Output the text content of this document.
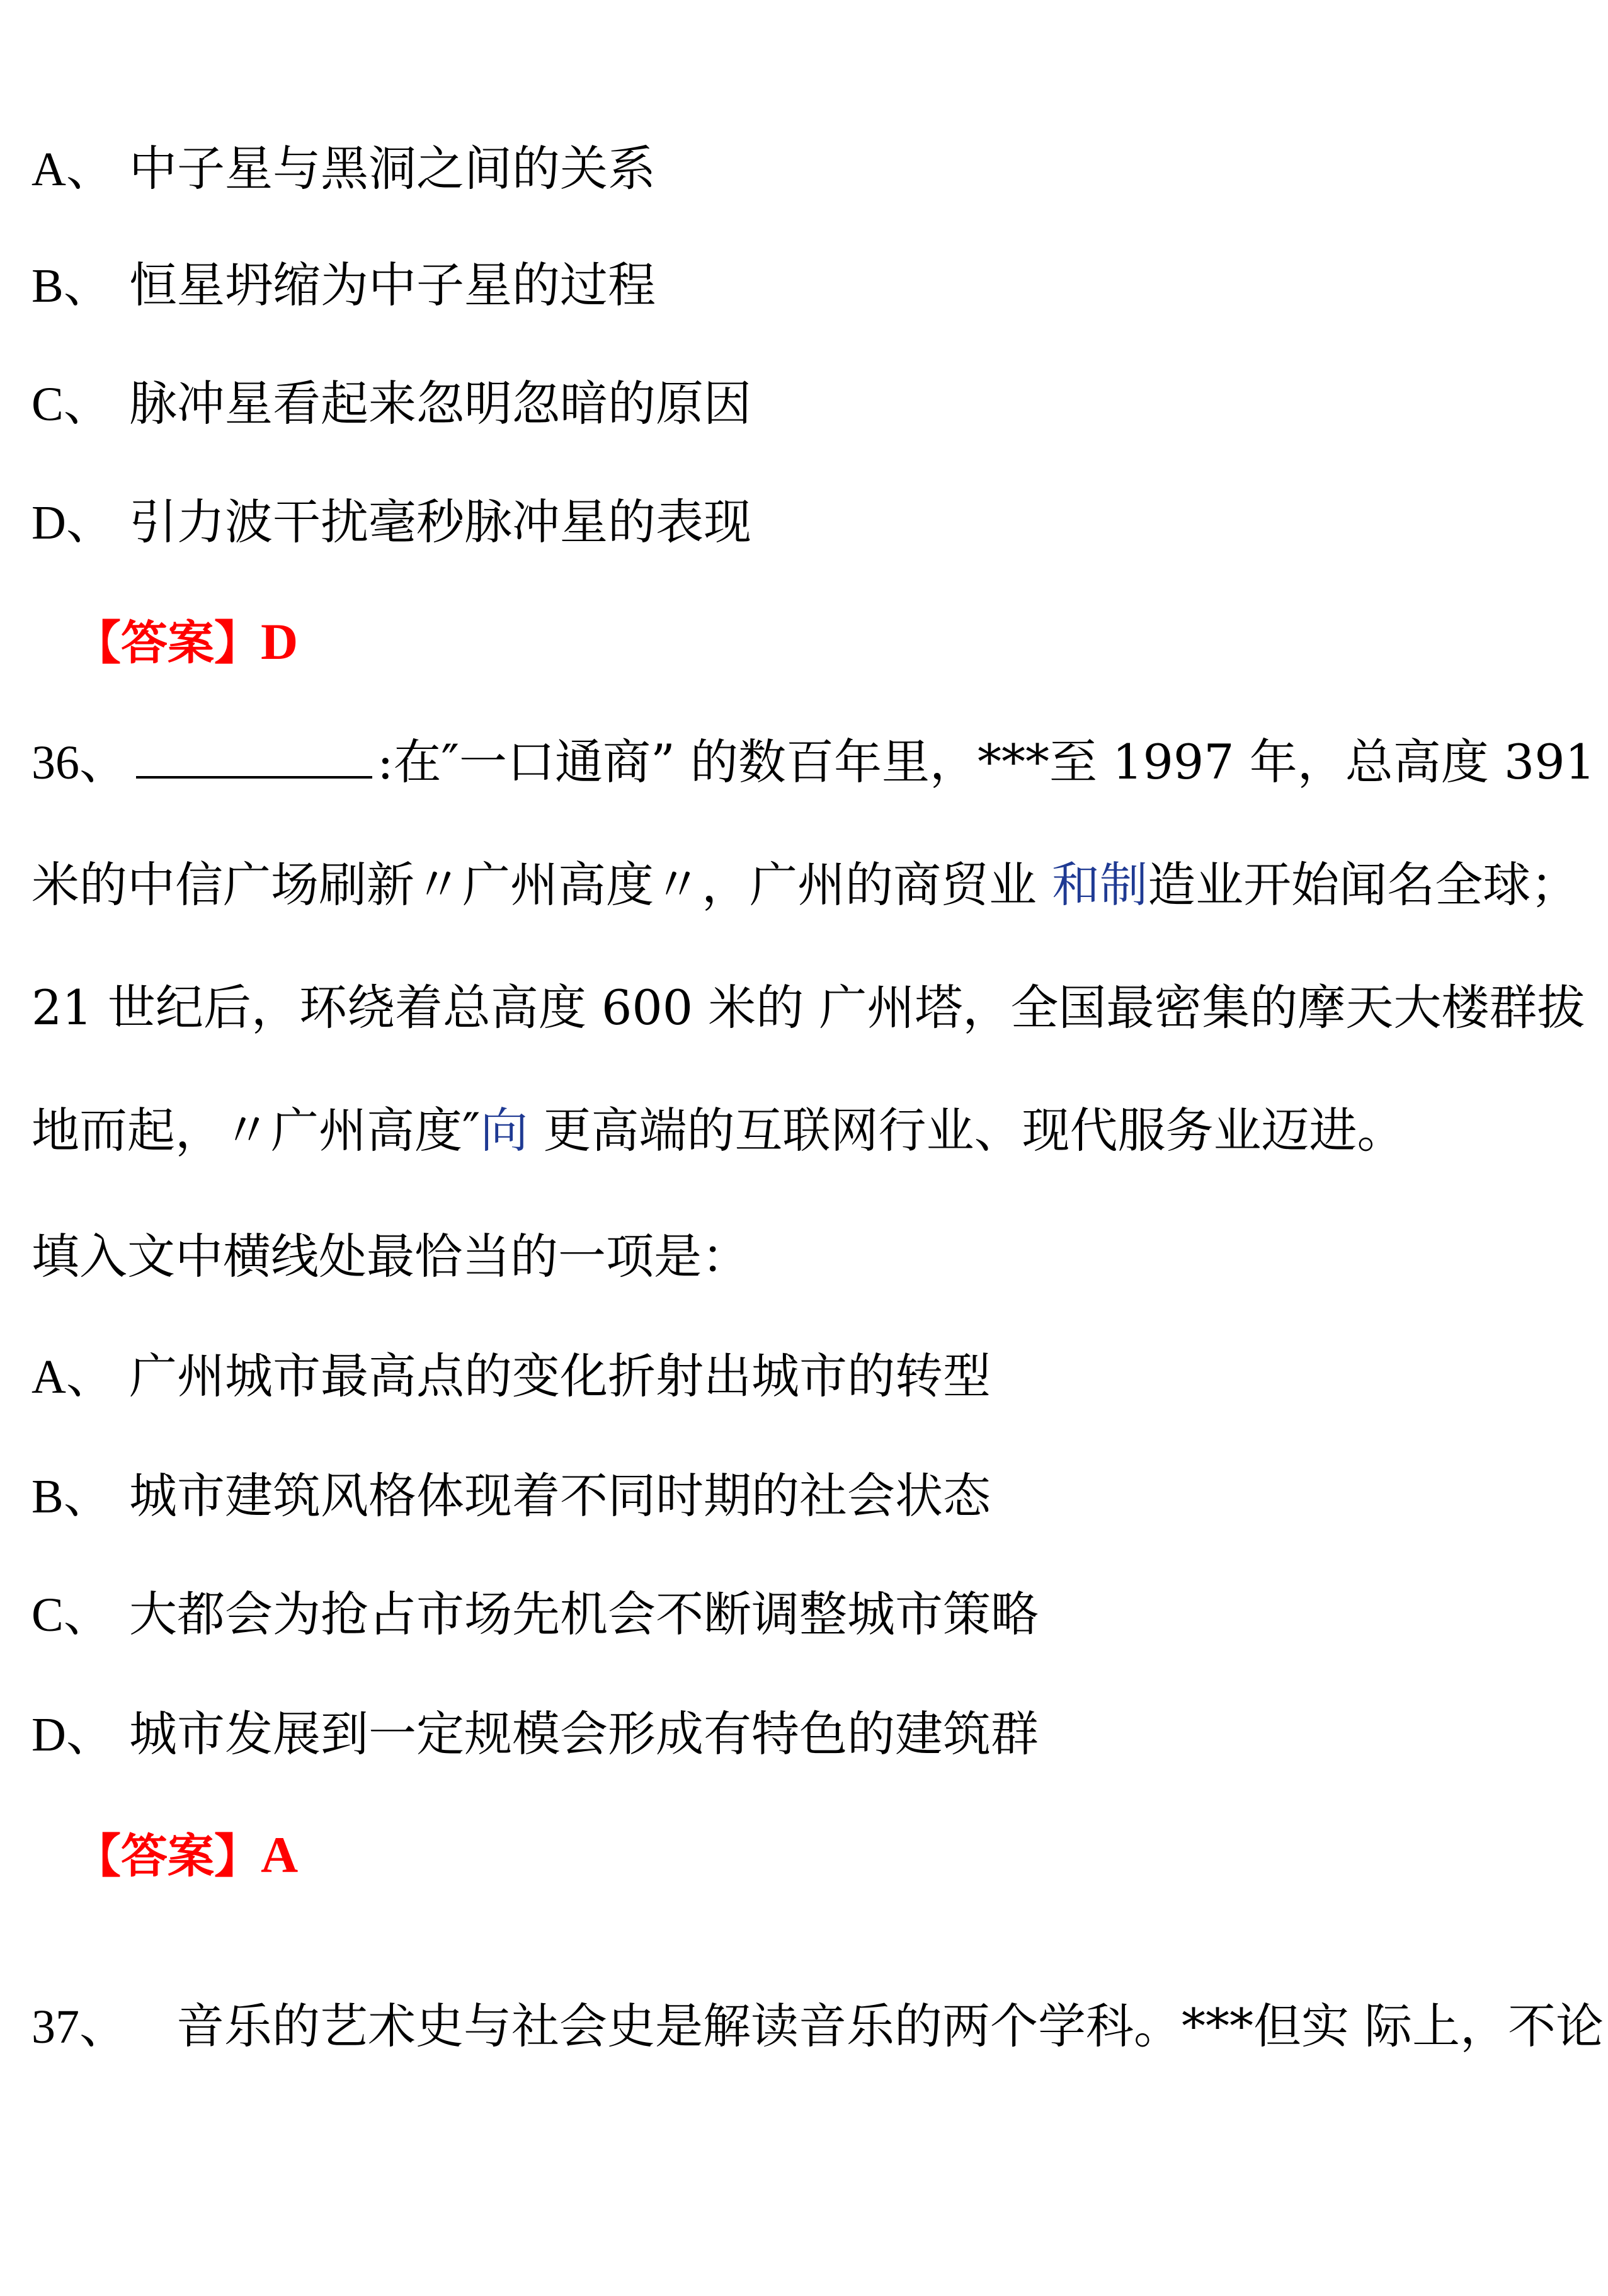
A、 中子星与黑洞之间的关系

B、 恒星坍缩为中子星的过程

C、 脉冲星看起来忽明忽暗的原因

D、 引力波干扰毫秒脉冲星的表现

【答案】D

36、	:在″一口通商” 的数百年里，***至 1997 年，总高度 391

米的中信广场刷新〃广州高度〃，广州的商贸业 和制造业开始闻名全球；

21 世纪后，环绕着总高度 600 米的 广州塔，全国最密集的摩天大楼群拔

地而起，〃广州高度″向 更高端的互联网行业、现代服务业迈进。

填入文中横线处最恰当的一项是：

A、 广州城市最高点的变化折射出城市的转型

B、 城市建筑风格体现着不同时期的社会状态

C、 大都会为抢占市场先机会不断调整城市策略

D、 城市发展到一定规模会形成有特色的建筑群

【答案】A

37、 音乐的艺术史与社会史是解读音乐的两个学科。***但实 际上，不论
